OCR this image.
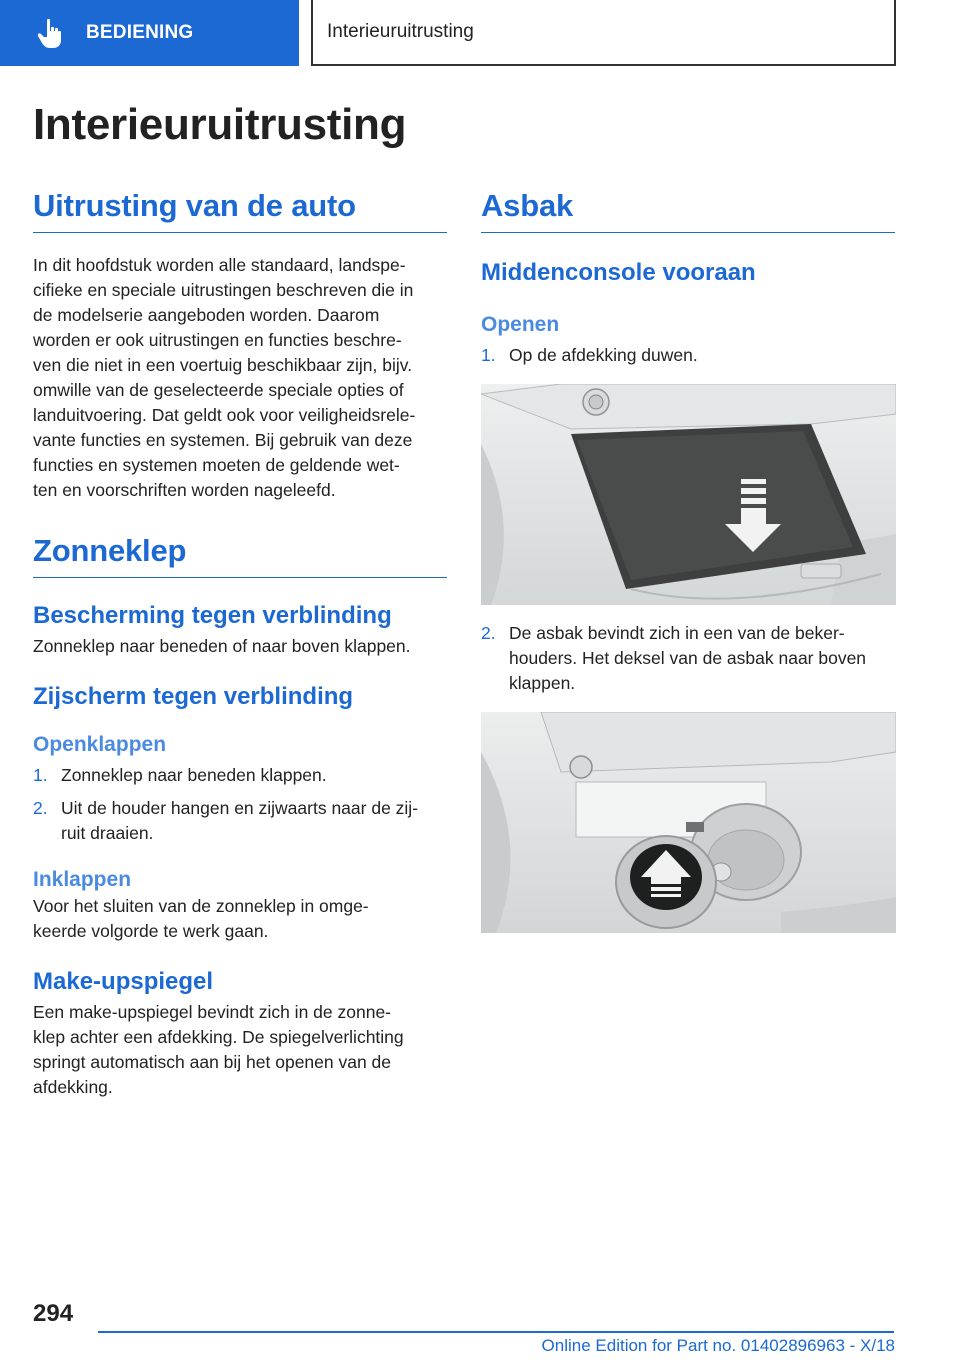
BEDIENING	Interieuruitrusting
Interieuruitrusting
Uitrusting van de auto

In dit hoofdstuk worden alle standaard, landspe-
cifieke en speciale uitrustingen beschreven die in
de modelserie aangeboden worden. Daarom
worden er ook uitrustingen en functies beschre-
ven die niet in een voertuig beschikbaar zijn, bijv.
omwille van de geselecteerde speciale opties of
landuitvoering. Dat geldt ook voor veiligheidsrele-
vante functies en systemen. Bij gebruik van deze
functies en systemen moeten de geldende wet-
ten en voorschriften worden nageleefd.

Zonneklep
Bescherming tegen verblinding

Zonneklep naar beneden of naar boven klappen.

Zijscherm tegen verblinding
Openklappen
1. Zonneklep naar beneden klappen.
2. Uit de houder hangen en zijwaarts naar de zij-
ruit draaien.
Inklappen

Voor het sluiten van de zonneklep in omge-
keerde volgorde te werk gaan.

Make-upspiegel

Een make-upspiegel bevindt zich in de zonne-
klep achter een afdekking. De spiegelverlichting
springt automatisch aan bij het openen van de
afdekking.

Asbak
Middenconsole vooraan
Openen
1. Op de afdekking duwen.
2. De asbak bevindt zich in een van de beker-
houders. Het deksel van de asbak naar boven
klappen.
294
Online Edition for Part no. 01402896963 - X/18
